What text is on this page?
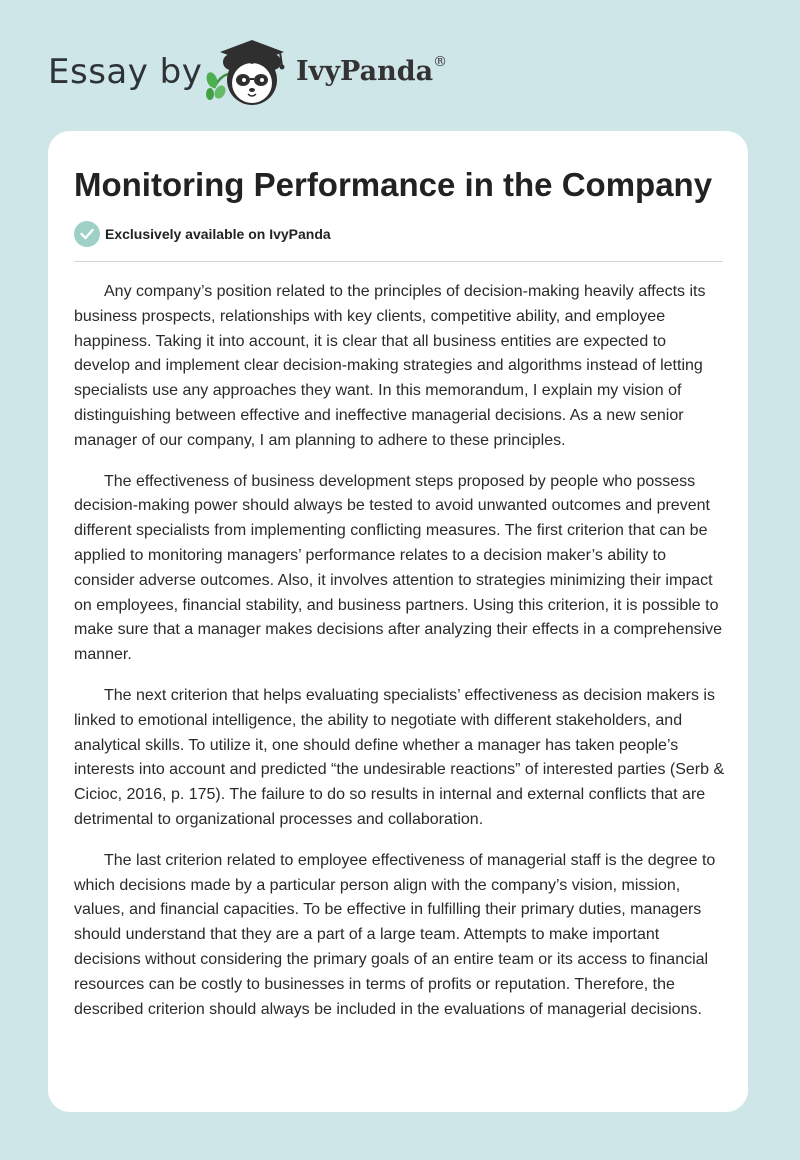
Essay by	IvyPanda®
Monitoring Performance in the Company
Exclusively available on IvyPanda

Any company’s position related to the principles of decision-making heavily affects its business prospects, relationships with key clients, competitive ability, and employee happiness. Taking it into account, it is clear that all business entities are expected to develop and implement clear decision-making strategies and algorithms instead of letting specialists use any approaches they want. In this memorandum, I explain my vision of distinguishing between effective and ineffective managerial decisions. As a new senior manager of our company, I am planning to adhere to these principles.

The effectiveness of business development steps proposed by people who possess decision-making power should always be tested to avoid unwanted outcomes and prevent different specialists from implementing conflicting measures. The first criterion that can be applied to monitoring managers’ performance relates to a decision maker’s ability to consider adverse outcomes. Also, it involves attention to strategies minimizing their impact on employees, financial stability, and business partners. Using this criterion, it is possible to make sure that a manager makes decisions after analyzing their effects in a comprehensive manner.

The next criterion that helps evaluating specialists’ effectiveness as decision makers is linked to emotional intelligence, the ability to negotiate with different stakeholders, and analytical skills. To utilize it, one should define whether a manager has taken people’s interests into account and predicted “the undesirable reactions” of interested parties (Serb & Cicioc, 2016, p. 175). The failure to do so results in internal and external conflicts that are detrimental to organizational processes and collaboration.

The last criterion related to employee effectiveness of managerial staff is the degree to which decisions made by a particular person align with the company’s vision, mission, values, and financial capacities. To be effective in fulfilling their primary duties, managers should understand that they are a part of a large team. Attempts to make important decisions without considering the primary goals of an entire team or its access to financial resources can be costly to businesses in terms of profits or reputation. Therefore, the described criterion should always be included in the evaluations of managerial decisions.
